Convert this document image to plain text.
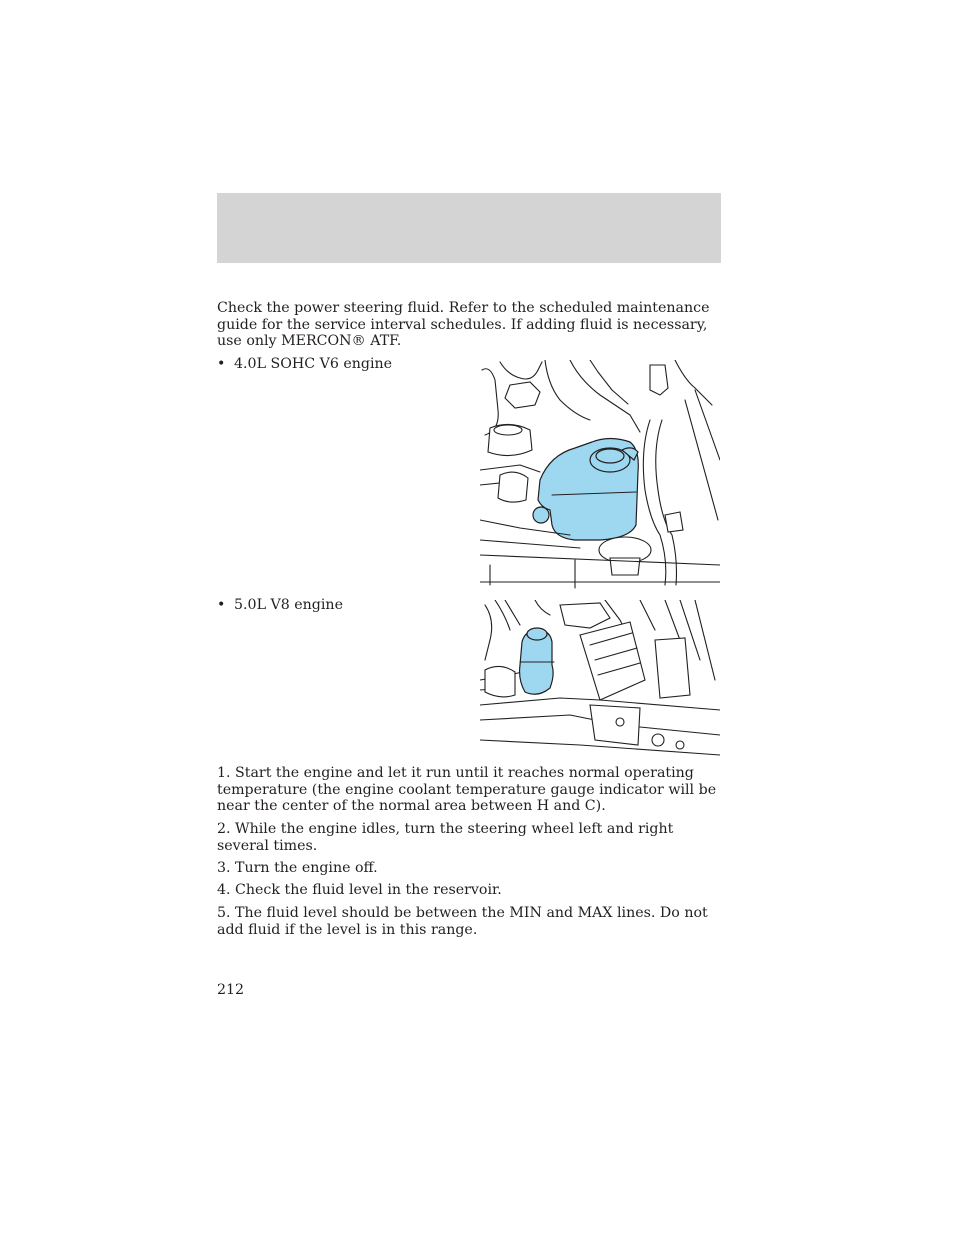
Check the power steering fluid. Refer to the scheduled maintenance guide for the service interval schedules. If adding fluid is necessary, use only MERCON® ATF.

• 4.0L SOHC V6 engine
• 5.0L V8 engine

1. Start the engine and let it run until it reaches normal operating temperature (the engine coolant temperature gauge indicator will be near the center of the normal area between H and C).

2. While the engine idles, turn the steering wheel left and right several times.

3. Turn the engine off.

4. Check the fluid level in the reservoir.

5. The fluid level should be between the MIN and MAX lines. Do not add fluid if the level is in this range.

212
